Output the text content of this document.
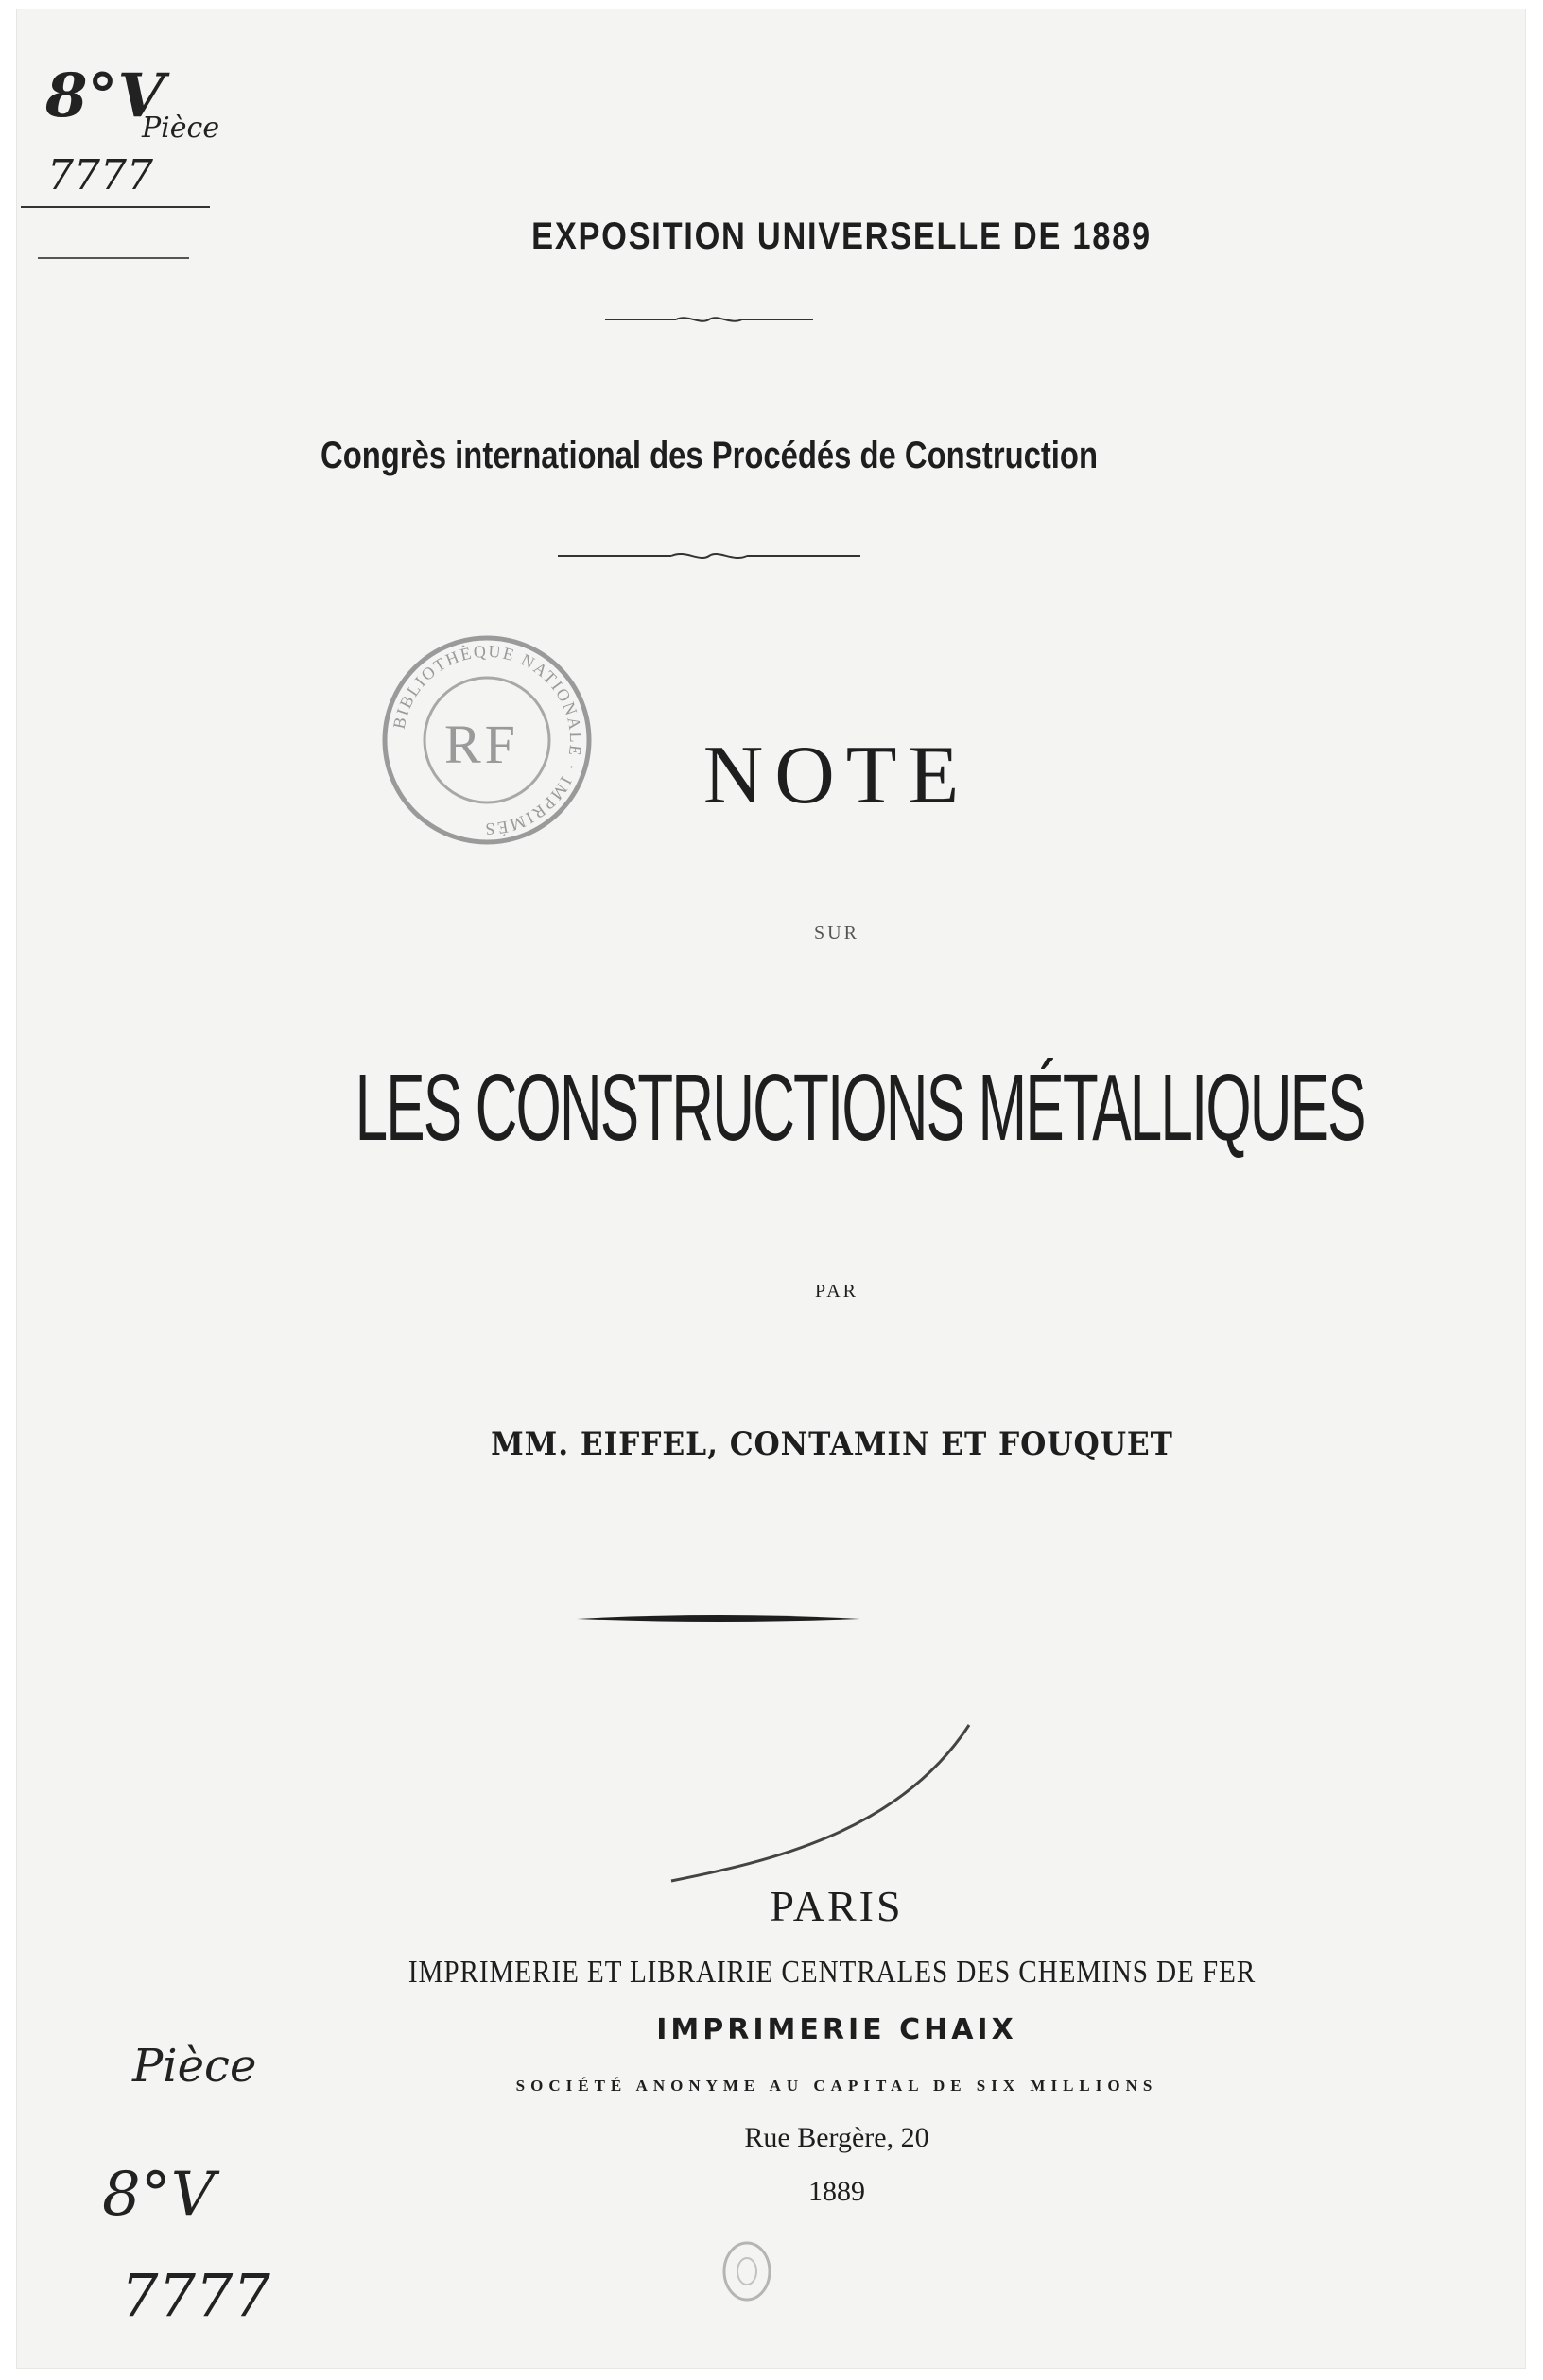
8°V
Pièce
7777
EXPOSITION UNIVERSELLE DE 1889
Congrès international des Procédés de Construction
BIBLIOTHÈQUE NATIONALE · IMPRIMÉS
RF	NOTE
SUR
LES CONSTRUCTIONS MÉTALLIQUES
PAR
MM. EIFFEL, CONTAMIN ET FOUQUET
PARIS
IMPRIMERIE ET LIBRAIRIE CENTRALES DES CHEMINS DE FER
IMPRIMERIE CHAIX
SOCIÉTÉ ANONYME AU CAPITAL DE SIX MILLIONS
Rue Bergère, 20
1889
Pièce
8°V
7777
